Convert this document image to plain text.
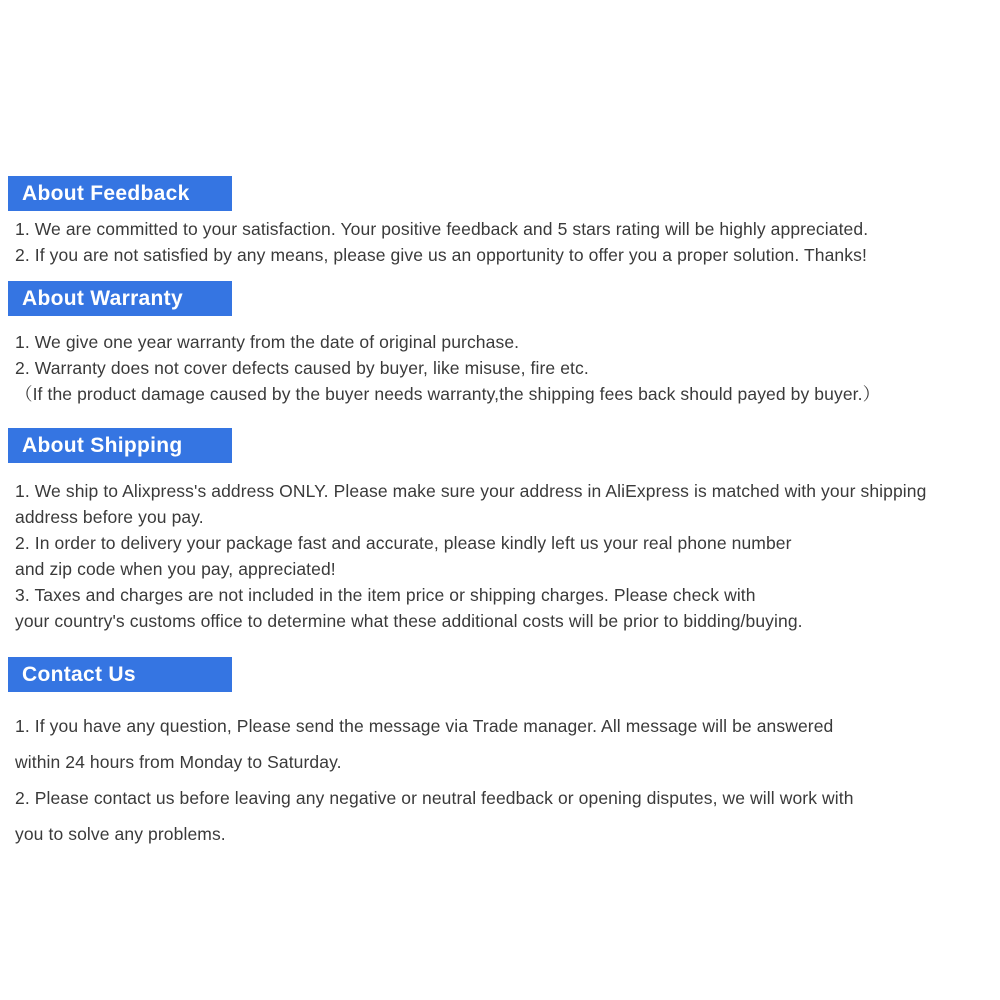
About Feedback
1. We are committed to your satisfaction. Your positive feedback and 5 stars rating will be highly appreciated.
2. If you are not satisfied by any means, please give us an opportunity to offer you a proper solution. Thanks!
About Warranty
1. We give one year warranty from the date of original purchase.
2. Warranty does not cover defects caused by buyer, like misuse, fire etc.
（If the product damage caused by the buyer needs warranty,the shipping fees back should payed by buyer.）
About Shipping
1. We ship to Alixpress's address ONLY. Please make sure your address in AliExpress is matched with your shipping
address before you pay.
2. In order to delivery your package fast and accurate, please kindly left us your real phone number
and zip code when you pay, appreciated!
3. Taxes and charges are not included in the item price or shipping charges. Please check with
your country's customs office to determine what these additional costs will be prior to bidding/buying.
Contact Us
1. If you have any question, Please send the message via Trade manager. All message will be answered
within 24 hours from Monday to Saturday.
2. Please contact us before leaving any negative or neutral feedback or opening disputes, we will work with
you to solve any problems.
